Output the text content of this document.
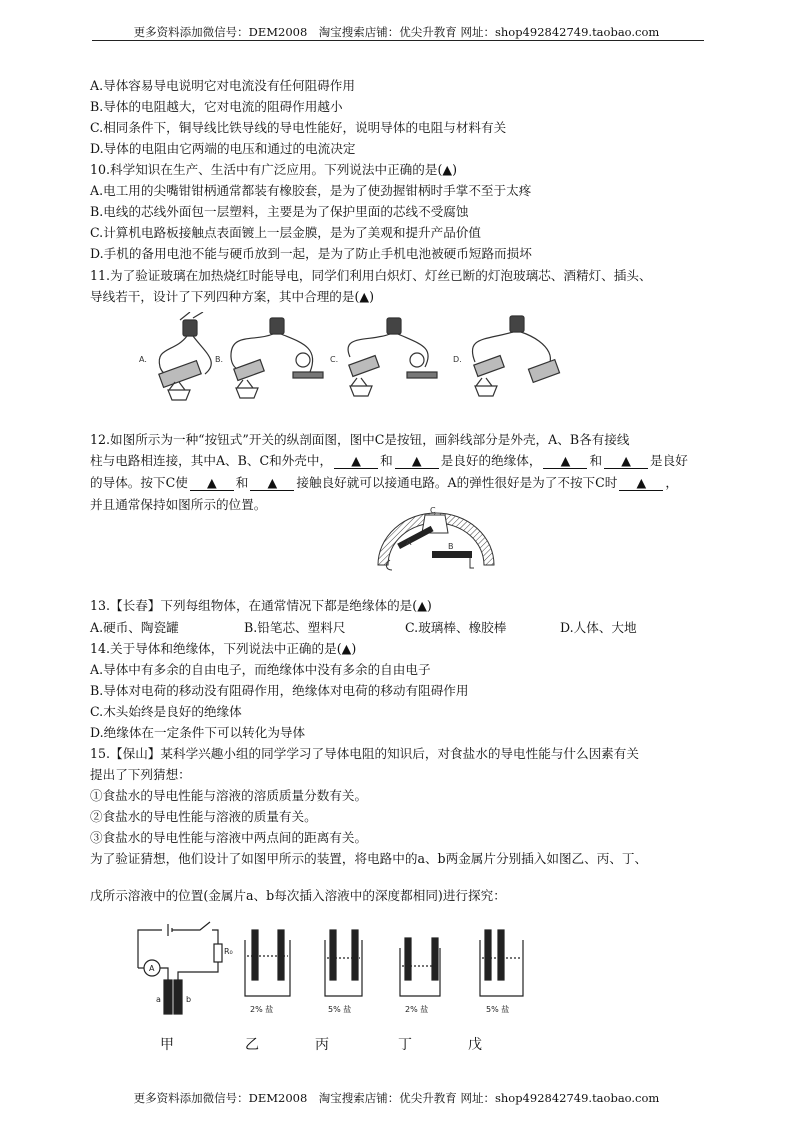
更多资料添加微信号：DEM2008　淘宝搜索店铺：优尖升教育 网址：shop492842749.taobao.com
A.导体容易导电说明它对电流没有任何阻碍作用
B.导体的电阻越大，它对电流的阻碍作用越小
C.相同条件下，铜导线比铁导线的导电性能好，说明导体的电阻与材料有关
D.导体的电阻由它两端的电压和通过的电流决定
10.科学知识在生产、生活中有广泛应用。下列说法中正确的是(▲)
A.电工用的尖嘴钳钳柄通常都装有橡胶套，是为了使劲握钳柄时手掌不至于太疼
B.电线的芯线外面包一层塑料，主要是为了保护里面的芯线不受腐蚀
C.计算机电路板接触点表面镀上一层金膜，是为了美观和提升产品价值
D.手机的备用电池不能与硬币放到一起，是为了防止手机电池被硬币短路而损坏
11.为了验证玻璃在加热烧红时能导电，同学们利用白炽灯、灯丝已断的灯泡玻璃芯、酒精灯、插头、
导线若干，设计了下列四种方案，其中合理的是(▲)
A.	B.	C.	D.
12.如图所示为一种“按钮式”开关的纵剖面图，图中C是按钮，画斜线部分是外壳，A、B各有接线
柱与电路相连接，其中A、B、C和外壳中， ▲ 和 ▲ 是良好的绝缘体， ▲ 和 ▲ 是良好
的导体。按下C使 ▲ 和 ▲ 接触良好就可以接通电路。A的弹性很好是为了不按下C时 ▲ ，
并且通常保持如图所示的位置。	C
A	B
13.【长春】下列每组物体，在通常情况下都是绝缘体的是(▲)
A.硬币、陶瓷罐	B.铅笔芯、塑料尺	C.玻璃棒、橡胶棒	D.人体、大地
14.关于导体和绝缘体，下列说法中正确的是(▲)
A.导体中有多余的自由电子，而绝缘体中没有多余的自由电子
B.导体对电荷的移动没有阻碍作用，绝缘体对电荷的移动有阻碍作用
C.木头始终是良好的绝缘体
D.绝缘体在一定条件下可以转化为导体
15.【保山】某科学兴趣小组的同学学习了导体电阻的知识后，对食盐水的导电性能与什么因素有关
提出了下列猜想：
①食盐水的导电性能与溶液的溶质质量分数有关。
②食盐水的导电性能与溶液的质量有关。
③食盐水的导电性能与溶液中两点间的距离有关。
为了验证猜想，他们设计了如图甲所示的装置，将电路中的a、b两金属片分别插入如图乙、丙、丁、
戊所示溶液中的位置(金属片a、b每次插入溶液中的深度都相同)进行探究：
A
R₀
a	b
2% 盐	5% 盐	2% 盐	5% 盐
甲	乙	丙	丁	戊
更多资料添加微信号：DEM2008　淘宝搜索店铺：优尖升教育 网址：shop492842749.taobao.com
